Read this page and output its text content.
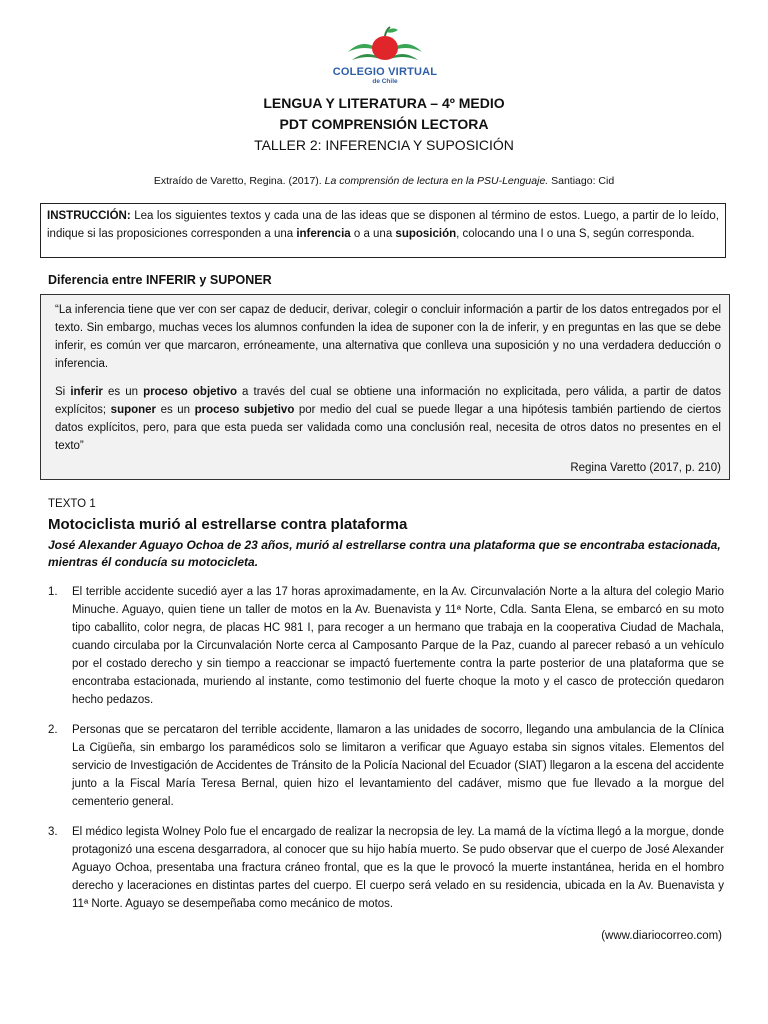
COLEGIO VIRTUAL
de Chile
LENGUA Y LITERATURA – 4º MEDIO
PDT COMPRENSIÓN LECTORA
TALLER 2: INFERENCIA Y SUPOSICIÓN
Extraído de Varetto, Regina. (2017). La comprensión de lectura en la PSU-Lenguaje. Santiago: Cid
INSTRUCCIÓN: Lea los siguientes textos y cada una de las ideas que se disponen al término de estos. Luego, a partir de lo leído, indique si las proposiciones corresponden a una inferencia o a una suposición, colocando una I o una S, según corresponda.
Diferencia entre INFERIR y SUPONER

“La inferencia tiene que ver con ser capaz de deducir, derivar, colegir o concluir información a partir de los datos entregados por el texto. Sin embargo, muchas veces los alumnos confunden la idea de suponer con la de inferir, y en preguntas en las que se debe inferir, es común ver que marcaron, erróneamente, una alternativa que conlleva una suposición y no una verdadera deducción o inferencia.

Si inferir es un proceso objetivo a través del cual se obtiene una información no explicitada, pero válida, a partir de datos explícitos; suponer es un proceso subjetivo por medio del cual se puede llegar a una hipótesis también partiendo de ciertos datos explícitos, pero, para que esta pueda ser validada como una conclusión real, necesita de otros datos no presentes en el texto”

Regina Varetto (2017, p. 210)
TEXTO 1
Motociclista murió al estrellarse contra plataforma
José Alexander Aguayo Ochoa de 23 años, murió al estrellarse contra una plataforma que se encontraba estacionada, mientras él conducía su motocicleta.
1.	El terrible accidente sucedió ayer a las 17 horas aproximadamente, en la Av. Circunvalación Norte a la altura del colegio Mario Minuche. Aguayo, quien tiene un taller de motos en la Av. Buenavista y 11ª Norte, Cdla. Santa Elena, se embarcó en su moto tipo caballito, color negra, de placas HC 981 I, para recoger a un hermano que trabaja en la cooperativa Ciudad de Machala, cuando circulaba por la Circunvalación Norte cerca al Camposanto Parque de la Paz, cuando al parecer rebasó a un vehículo por el costado derecho y sin tiempo a reaccionar se impactó fuertemente contra la parte posterior de una plataforma que se encontraba estacionada, muriendo al instante, como testimonio del fuerte choque la moto y el casco de protección quedaron hecho pedazos.
2.	Personas que se percataron del terrible accidente, llamaron a las unidades de socorro, llegando una ambulancia de la Clínica La Cigüeña, sin embargo los paramédicos solo se limitaron a verificar que Aguayo estaba sin signos vitales. Elementos del servicio de Investigación de Accidentes de Tránsito de la Policía Nacional del Ecuador (SIAT) llegaron a la escena del accidente junto a la Fiscal María Teresa Bernal, quien hizo el levantamiento del cadáver, mismo que fue llevado a la morgue del cementerio general.
3.	El médico legista Wolney Polo fue el encargado de realizar la necropsia de ley. La mamá de la víctima llegó a la morgue, donde protagonizó una escena desgarradora, al conocer que su hijo había muerto. Se pudo observar que el cuerpo de José Alexander Aguayo Ochoa, presentaba una fractura cráneo frontal, que es la que le provocó la muerte instantánea, herida en el hombro derecho y laceraciones en distintas partes del cuerpo. El cuerpo será velado en su residencia, ubicada en la Av. Buenavista y 11ª Norte. Aguayo se desempeñaba como mecánico de motos.
(www.diariocorreo.com)
